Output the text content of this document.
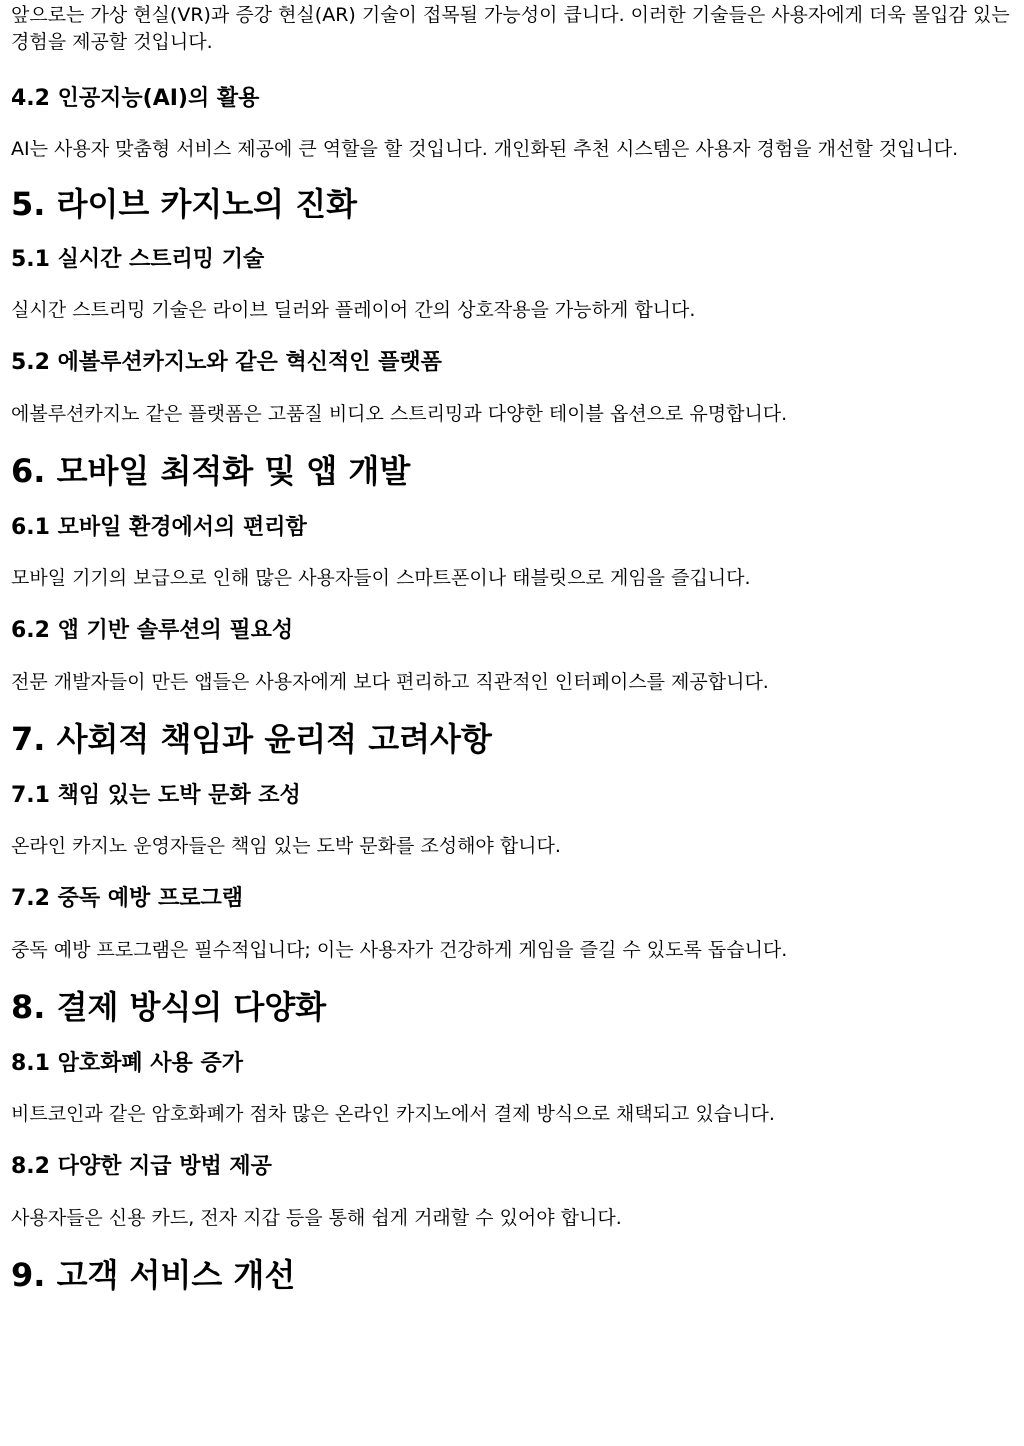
앞으로는 가상 현실(VR)과 증강 현실(AR) 기술이 접목될 가능성이 큽니다. 이러한 기술들은 사용자에게 더욱 몰입감 있는 경험을 제공할 것입니다.

4.2 인공지능(AI)의 활용

AI는 사용자 맞춤형 서비스 제공에 큰 역할을 할 것입니다. 개인화된 추천 시스템은 사용자 경험을 개선할 것입니다.

5. 라이브 카지노의 진화
5.1 실시간 스트리밍 기술

실시간 스트리밍 기술은 라이브 딜러와 플레이어 간의 상호작용을 가능하게 합니다.

5.2 에볼루션카지노와 같은 혁신적인 플랫폼

에볼루션카지노 같은 플랫폼은 고품질 비디오 스트리밍과 다양한 테이블 옵션으로 유명합니다.

6. 모바일 최적화 및 앱 개발
6.1 모바일 환경에서의 편리함

모바일 기기의 보급으로 인해 많은 사용자들이 스마트폰이나 태블릿으로 게임을 즐깁니다.

6.2 앱 기반 솔루션의 필요성

전문 개발자들이 만든 앱들은 사용자에게 보다 편리하고 직관적인 인터페이스를 제공합니다.

7. 사회적 책임과 윤리적 고려사항
7.1 책임 있는 도박 문화 조성

온라인 카지노 운영자들은 책임 있는 도박 문화를 조성해야 합니다.

7.2 중독 예방 프로그램

중독 예방 프로그램은 필수적입니다; 이는 사용자가 건강하게 게임을 즐길 수 있도록 돕습니다.

8. 결제 방식의 다양화
8.1 암호화폐 사용 증가

비트코인과 같은 암호화폐가 점차 많은 온라인 카지노에서 결제 방식으로 채택되고 있습니다.

8.2 다양한 지급 방법 제공

사용자들은 신용 카드, 전자 지갑 등을 통해 쉽게 거래할 수 있어야 합니다.

9. 고객 서비스 개선
